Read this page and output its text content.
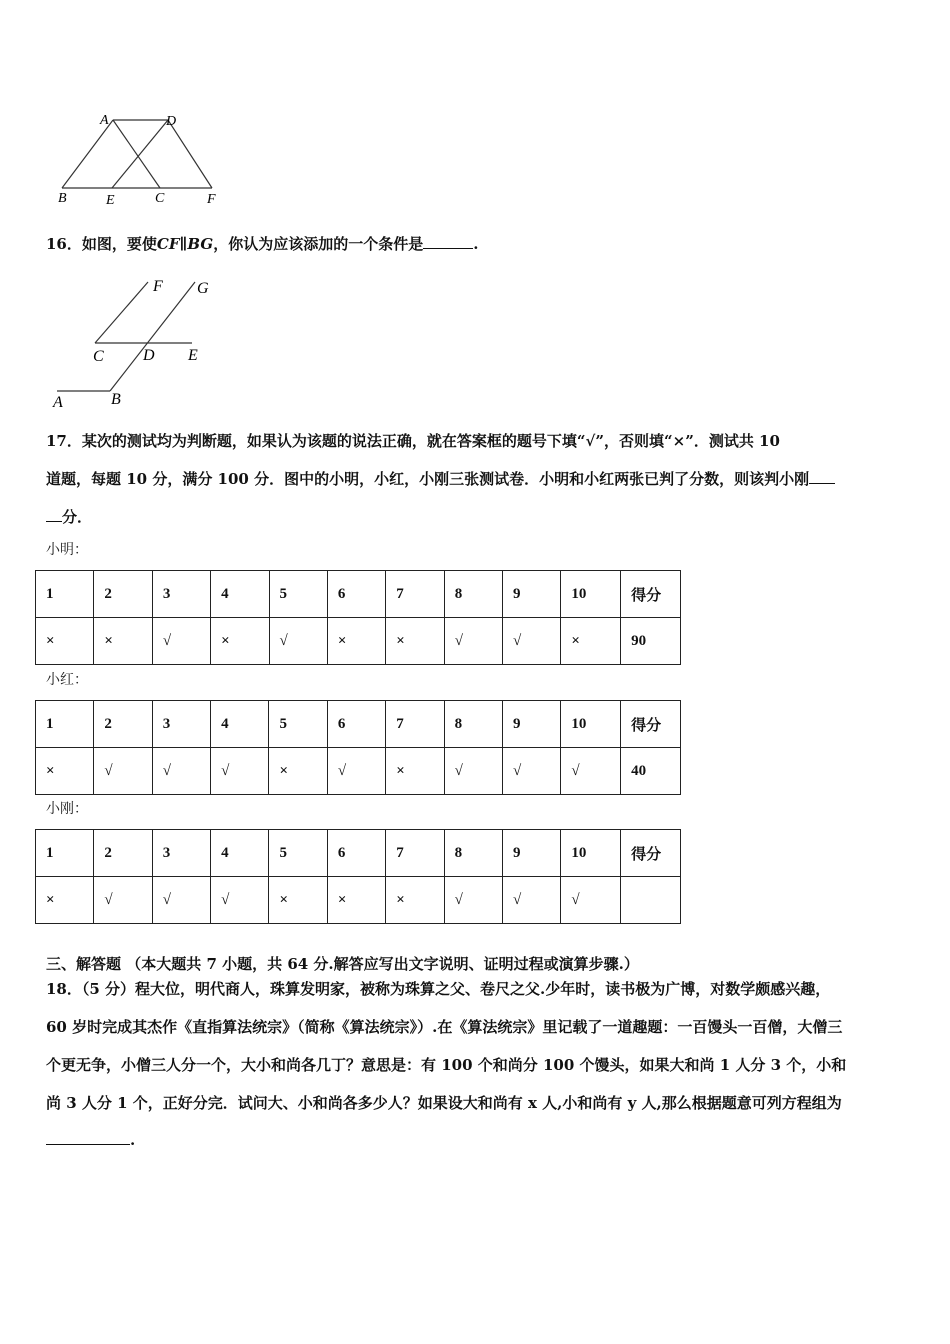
A	D
B	E	C	F
16．如图，要使CF∥BG，你认为应该添加的一个条件是	.
F G
C D E
A	B
17．某次的测试均为判断题，如果认为该题的说法正确，就在答案框的题号下填“√”，否则填“×”．测试共 10
道题，每题 10 分，满分 100 分．图中的小明，小红，小刚三张测试卷．小明和小红两张已判了分数，则该判小刚
分．
小明：
1	2	3	4	5	6	7	8	9	10	得分
×	×	√	×	√	×	×	√	√	×	90
小红：
1	2	3	4	5	6	7	8	9	10	得分
×	√	√	√	×	√	×	√	√	√	40
小刚：
1	2	3	4	5	6	7	8	9	10	得分
×	√	√	√	×	×	×	√	√	√	
三、解答题 （本大题共 7 小题，共 64 分.解答应写出文字说明、证明过程或演算步骤.）
18．（5 分）程大位，明代商人，珠算发明家，被称为珠算之父、卷尺之父.少年时，读书极为广博，对数学颇感兴趣，
60 岁时完成其杰作《直指算法统宗》（简称《算法统宗》）.在《算法统宗》里记载了一道趣题：一百馒头一百僧，大僧三
个更无争，小僧三人分一个，大小和尚各几丁？意思是：有 100 个和尚分 100 个馒头，如果大和尚 1 人分 3 个，小和
尚 3 人分 1 个，正好分完．试问大、小和尚各多少人？如果设大和尚有 x 人,小和尚有 y 人,那么根据题意可列方程组为
.
